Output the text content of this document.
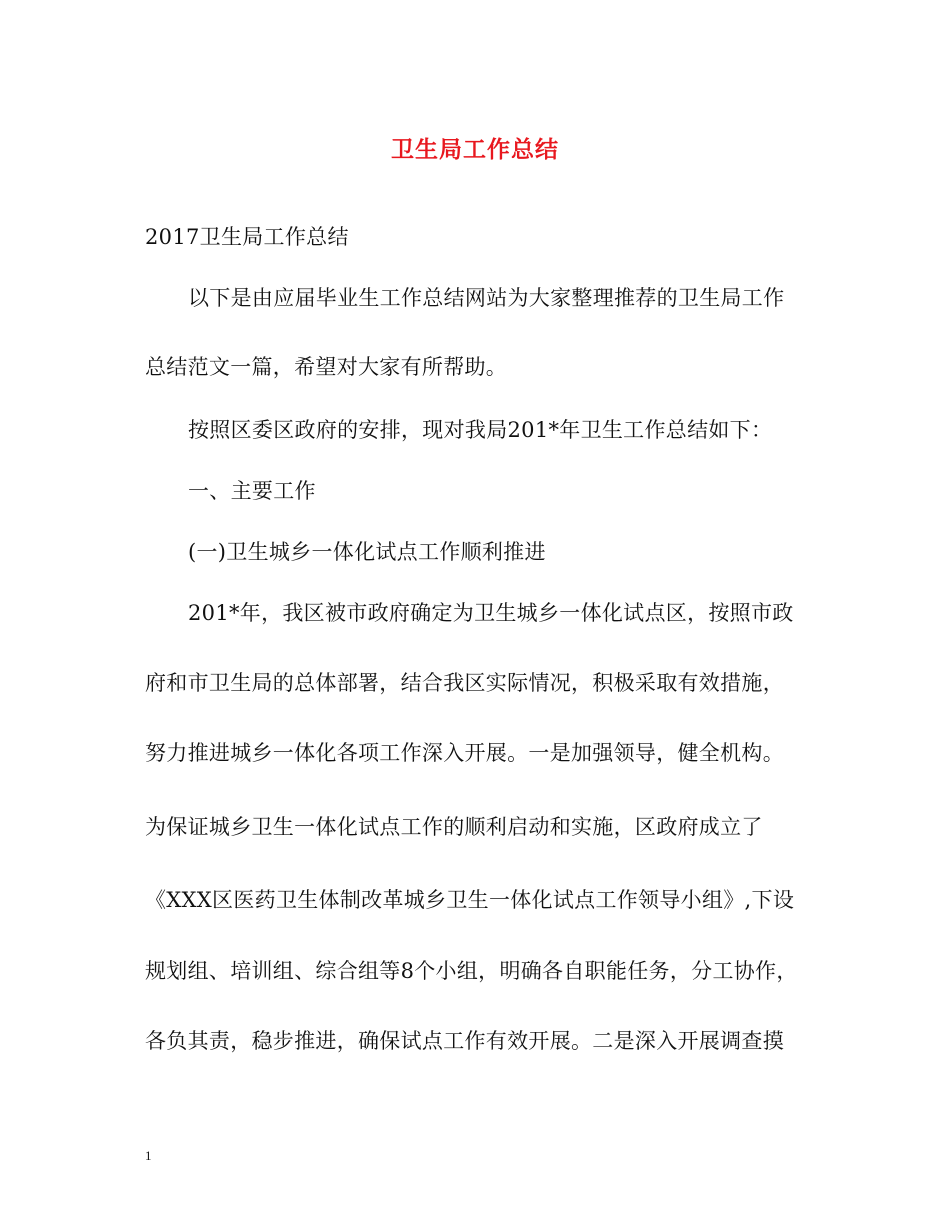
卫生局工作总结
2017卫生局工作总结
以下是由应届毕业生工作总结网站为大家整理推荐的卫生局工作
总结范文一篇，希望对大家有所帮助。
按照区委区政府的安排，现对我局201*年卫生工作总结如下：
一、主要工作
(一)卫生城乡一体化试点工作顺利推进
201*年，我区被市政府确定为卫生城乡一体化试点区，按照市政
府和市卫生局的总体部署，结合我区实际情况，积极采取有效措施，
努力推进城乡一体化各项工作深入开展。一是加强领导，健全机构。
为保证城乡卫生一体化试点工作的顺利启动和实施，区政府成立了
《XXX区医药卫生体制改革城乡卫生一体化试点工作领导小组》,下设
规划组、培训组、综合组等8个小组，明确各自职能任务，分工协作，
各负其责，稳步推进，确保试点工作有效开展。二是深入开展调查摸
1
